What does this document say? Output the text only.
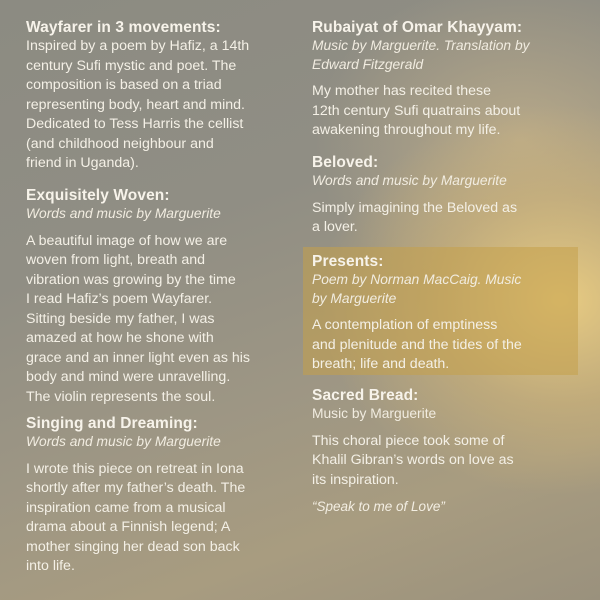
Wayfarer in 3 movements:

Inspired by a poem by Hafiz, a 14th

century Sufi mystic and poet. The

composition is based on a triad

representing body, heart and mind.

Dedicated to Tess Harris the cellist

(and childhood neighbour and

friend in Uganda).

Exquisitely Woven:

Words and music by Marguerite

A beautiful image of how we are

woven from light, breath and

vibration was growing by the time

I read Hafiz’s poem Wayfarer.

Sitting beside my father, I was

amazed at how he shone with

grace and an inner light even as his

body and mind were unravelling.

The violin represents the soul.

Singing and Dreaming:

Words and music by Marguerite

I wrote this piece on retreat in Iona

shortly after my father’s death. The

inspiration came from a musical

drama about a Finnish legend; A

mother singing her dead son back

into life.

Rubaiyat of Omar Khayyam:

Music by Marguerite. Translation by

Edward Fitzgerald

My mother has recited these

12th century Sufi quatrains about

awakening throughout my life.

Beloved:

Words and music by Marguerite

Simply imagining the Beloved as

a lover.

Presents:

Poem by Norman MacCaig. Music

by Marguerite

A contemplation of emptiness

and plenitude and the tides of the

breath; life and death.

Sacred Bread:

Music by Marguerite

This choral piece took some of

Khalil Gibran’s words on love as

its inspiration.

“Speak to me of Love”
